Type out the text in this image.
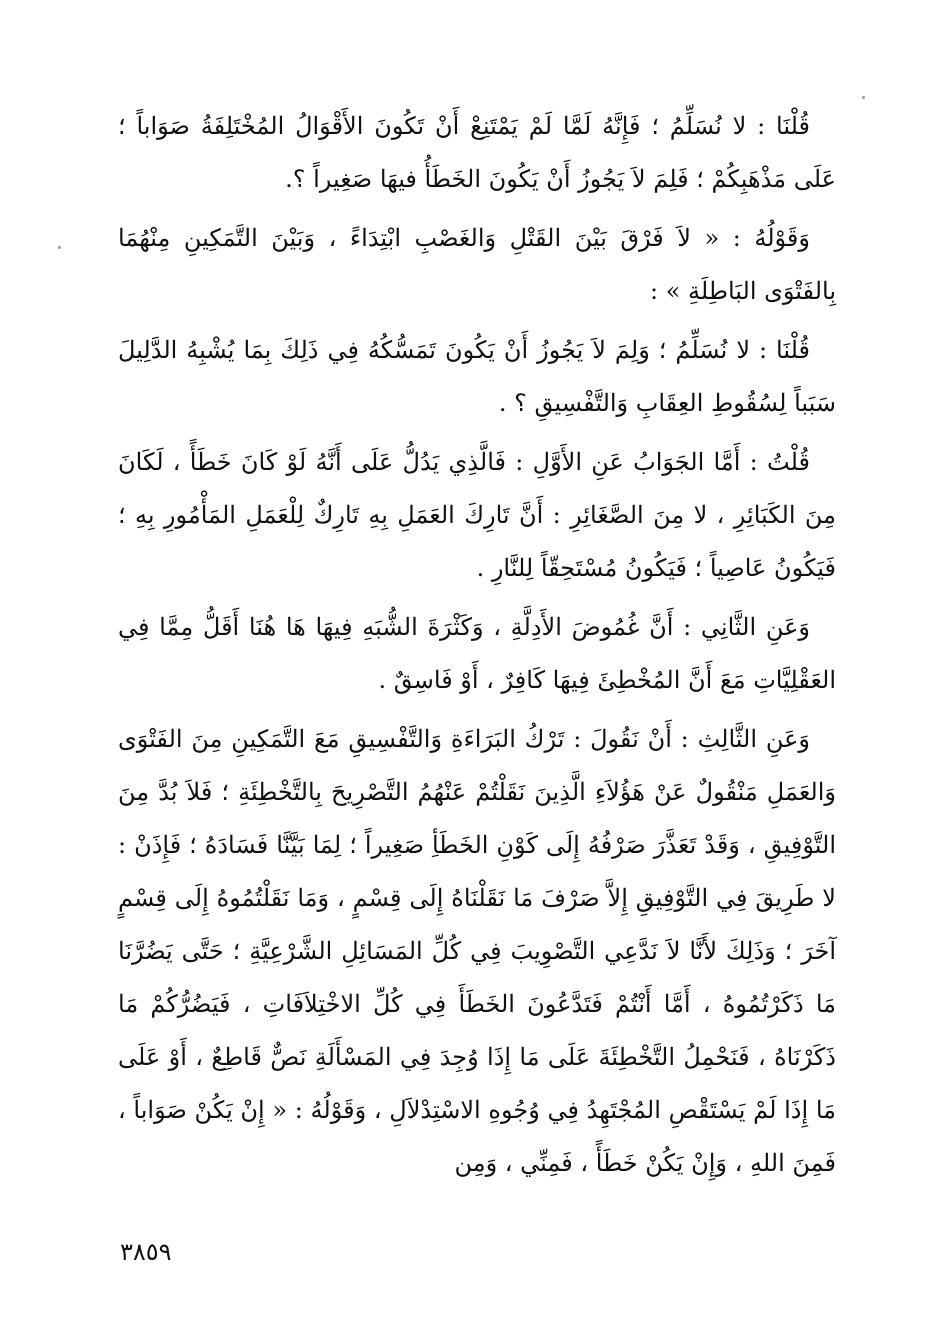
قُلْنَا : لا نُسَلِّمُ ؛ فَإِنَّهُ لَمَّا لَمْ يَمْتَنِعْ أَنْ تَكُونَ الأَقْوَالُ المُخْتَلِفَةُ صَوَاباً ؛ عَلَى مَذْهَبِكُمْ ؛ فَلِمَ لاَ يَجُوزُ أَنْ يَكُونَ الخَطَأُ فيهَا صَغِيراً ؟.

وَقَوْلُهُ : « لاَ فَرْقَ بَيْنَ القَتْلِ وَالغَصْبِ ابْتِدَاءً ، وَبَيْنَ التَّمَكِينِ مِنْهُمَا بِالفَتْوَى البَاطِلَةِ » :

قُلْنَا : لا نُسَلِّمُ ؛ وَلِمَ لاَ يَجُوزُ أَنْ يَكُونَ تَمَسُّكُهُ فِي ذَلِكَ بِمَا يُشْبِهُ الدَّلِيلَ سَبَباً لِسُقُوطِ العِقَابِ وَالتَّفْسِيقِ ؟ .

قُلْتُ : أَمَّا الجَوَابُ عَنِ الأَوَّلِ : فَالَّذِي يَدُلُّ عَلَى أَنَّهُ لَوْ كَانَ خَطَأً ، لَكَانَ مِنَ الكَبَائِرِ ، لا مِنَ الصَّغَائِرِ : أَنَّ تَارِكَ العَمَلِ بِهِ تَارِكٌ لِلْعَمَلِ المَأْمُورِ بِهِ ؛ فَيَكُونُ عَاصِياً ؛ فَيَكُونُ مُسْتَحِقّاً لِلنَّارِ .

وَعَنِ الثَّانِي : أَنَّ غُمُوضَ الأَدِلَّةِ ، وَكَثْرَةَ الشُّبَهِ فِيهَا هَا هُنَا أَقَلُّ مِمَّا فِي العَقْلِيَّاتِ مَعَ أَنَّ المُخْطِئَ فِيهَا كَافِرٌ ، أَوْ فَاسِقٌ .

وَعَنِ الثَّالِثِ : أَنْ نَقُولَ : تَرْكُ البَرَاءَةِ وَالتَّفْسِيقِ مَعَ التَّمَكِينِ مِنَ الفَتْوَى وَالعَمَلِ مَنْقُولٌ عَنْ هَؤُلاَءِ الَّذِينَ نَقَلْتُمْ عَنْهُمُ التَّصْرِيحَ بِالتَّخْطِئَةِ ؛ فَلاَ بُدَّ مِنَ التَّوْفِيقِ ، وَقَدْ تَعَذَّرَ صَرْفُهُ إِلَى كَوْنِ الخَطَأِ صَغِيراً ؛ لِمَا بَيَّنَّا فَسَادَهُ ؛ فَإِذَنْ : لا طَرِيقَ فِي التَّوْفِيقِ إِلاَّ صَرْفَ مَا نَقَلْنَاهُ إِلَى قِسْمٍ ، وَمَا نَقَلْتُمُوهُ إِلَى قِسْمٍ آخَرَ ؛ وَذَلِكَ لأَنَّا لاَ نَدَّعِي التَّصْوِيبَ فِي كُلِّ المَسَائِلِ الشَّرْعِيَّةِ ؛ حَتَّى يَضُرَّنَا مَا ذَكَرْتُمُوهُ ، أَمَّا أَنْتُمْ فَتَدَّعُونَ الخَطَأَ فِي كُلِّ الاخْتِلاَفَاتِ ، فَيَضُرُّكُمْ مَا ذَكَرْنَاهُ ، فَنَحْمِلُ التَّخْطِئَةَ عَلَى مَا إِذَا وُجِدَ فِي المَسْأَلَةِ نَصٌّ قَاطِعٌ ، أَوْ عَلَى مَا إِذَا لَمْ يَسْتَقْصِ المُجْتَهِدُ فِي وُجُوهِ الاسْتِدْلاَلِ ، وَقَوْلُهُ : « إِنْ يَكُنْ صَوَاباً ، فَمِنَ اللهِ ، وَإِنْ يَكُنْ خَطَأً ، فَمِنِّي ، وَمِن

٣٨٥٩
